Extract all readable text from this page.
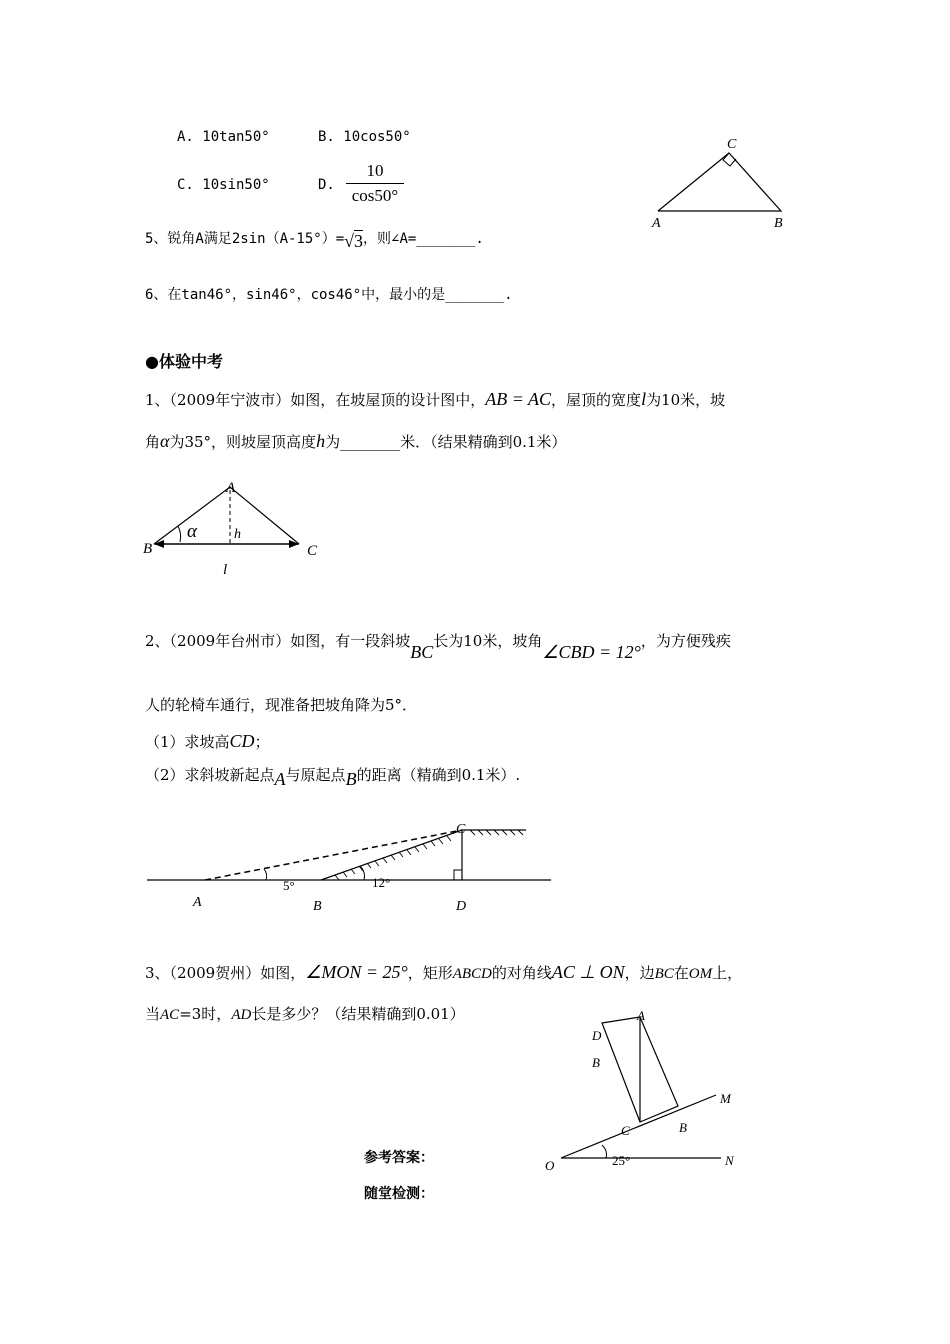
A. 10tan50°	B. 10cos50°
C. 10sin50°	D.
10
cos50°
C
A	B
5、锐角A满足2sin（A-15°）=√3，则∠A=_______.
6、在tan46°，sin46°，cos46°中，最小的是_______.
●体验中考
1、（2009年宁波市）如图，在坡屋顶的设计图中，AB = AC，屋顶的宽度l为10米，坡
角α为35°，则坡屋顶高度h为________米．（结果精确到0.1米）
A
B	C
α	h
l
2、（2009年台州市）如图，有一段斜坡BC长为10米，坡角∠CBD = 12°，为方便残疾
人的轮椅车通行，现准备把坡角降为5°．
（1）求坡高CD；
（2）求斜坡新起点A与原起点B的距离（精确到0.1米）.
C
A	B	D
5°	12°
3、（2009贺州）如图，∠MON = 25°，矩形ABCD的对角线AC ⊥ ON，边BC在OM上，
当AC=3时，AD长是多少？（结果精确到0.01）	A
D
B
C	B
M
N
O	25°
参考答案：
随堂检测：
